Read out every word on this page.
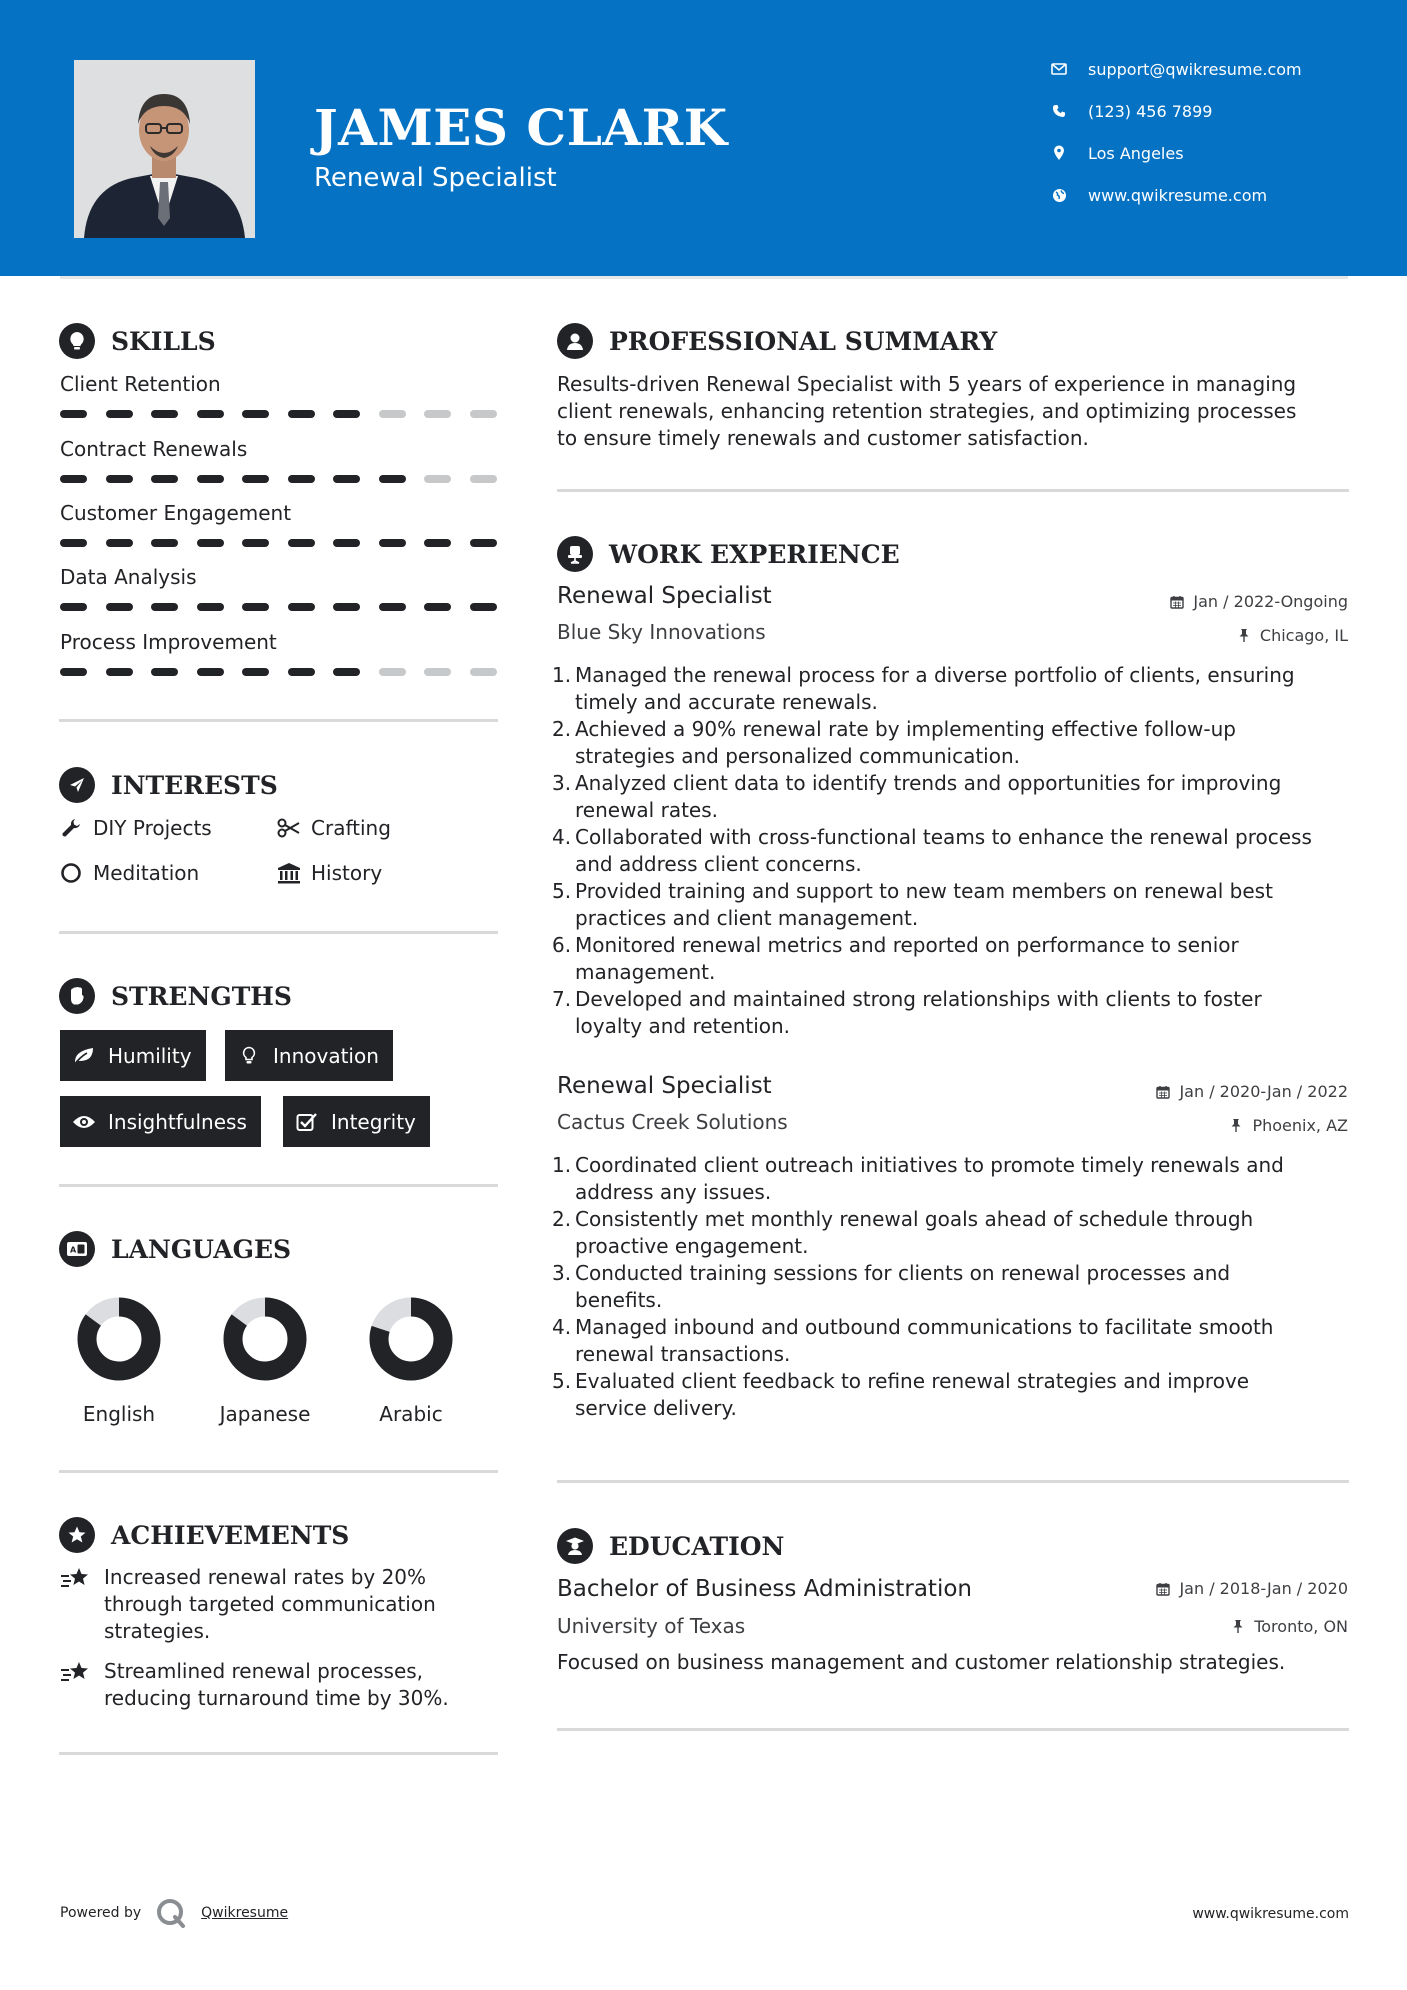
JAMES CLARK
Renewal Specialist
support@qwikresume.com
(123) 456 7899
Los Angeles
www.qwikresume.com
SKILLS
Client Retention
Contract Renewals
Customer Engagement
Data Analysis
Process Improvement
INTERESTS
DIY Projects	Crafting
Meditation	History
STRENGTHS
Humility	Innovation
Insightfulness	Integrity
A LANGUAGES
English	Japanese	Arabic
ACHIEVEMENTS
Increased renewal rates by 20%
through targeted communication
strategies.
Streamlined renewal processes,
reducing turnaround time by 30%.
PROFESSIONAL SUMMARY
Results-driven Renewal Specialist with 5 years of experience in managing
client renewals, enhancing retention strategies, and optimizing processes
to ensure timely renewals and customer satisfaction.
WORK EXPERIENCE
Renewal Specialist	Jan / 2022-Ongoing
Blue Sky Innovations	Chicago, IL
1. Managed the renewal process for a diverse portfolio of clients, ensuring
timely and accurate renewals.
2. Achieved a 90% renewal rate by implementing effective follow-up
strategies and personalized communication.
3. Analyzed client data to identify trends and opportunities for improving
renewal rates.
4. Collaborated with cross-functional teams to enhance the renewal process
and address client concerns.
5. Provided training and support to new team members on renewal best
practices and client management.
6. Monitored renewal metrics and reported on performance to senior
management.
7. Developed and maintained strong relationships with clients to foster
loyalty and retention.
Renewal Specialist	Jan / 2020-Jan / 2022
Cactus Creek Solutions	Phoenix, AZ
1. Coordinated client outreach initiatives to promote timely renewals and
address any issues.
2. Consistently met monthly renewal goals ahead of schedule through
proactive engagement.
3. Conducted training sessions for clients on renewal processes and
benefits.
4. Managed inbound and outbound communications to facilitate smooth
renewal transactions.
5. Evaluated client feedback to refine renewal strategies and improve
service delivery.
EDUCATION
Bachelor of Business Administration	Jan / 2018-Jan / 2020
University of Texas	Toronto, ON
Focused on business management and customer relationship strategies.
Powered by	Qwikresume	www.qwikresume.com
